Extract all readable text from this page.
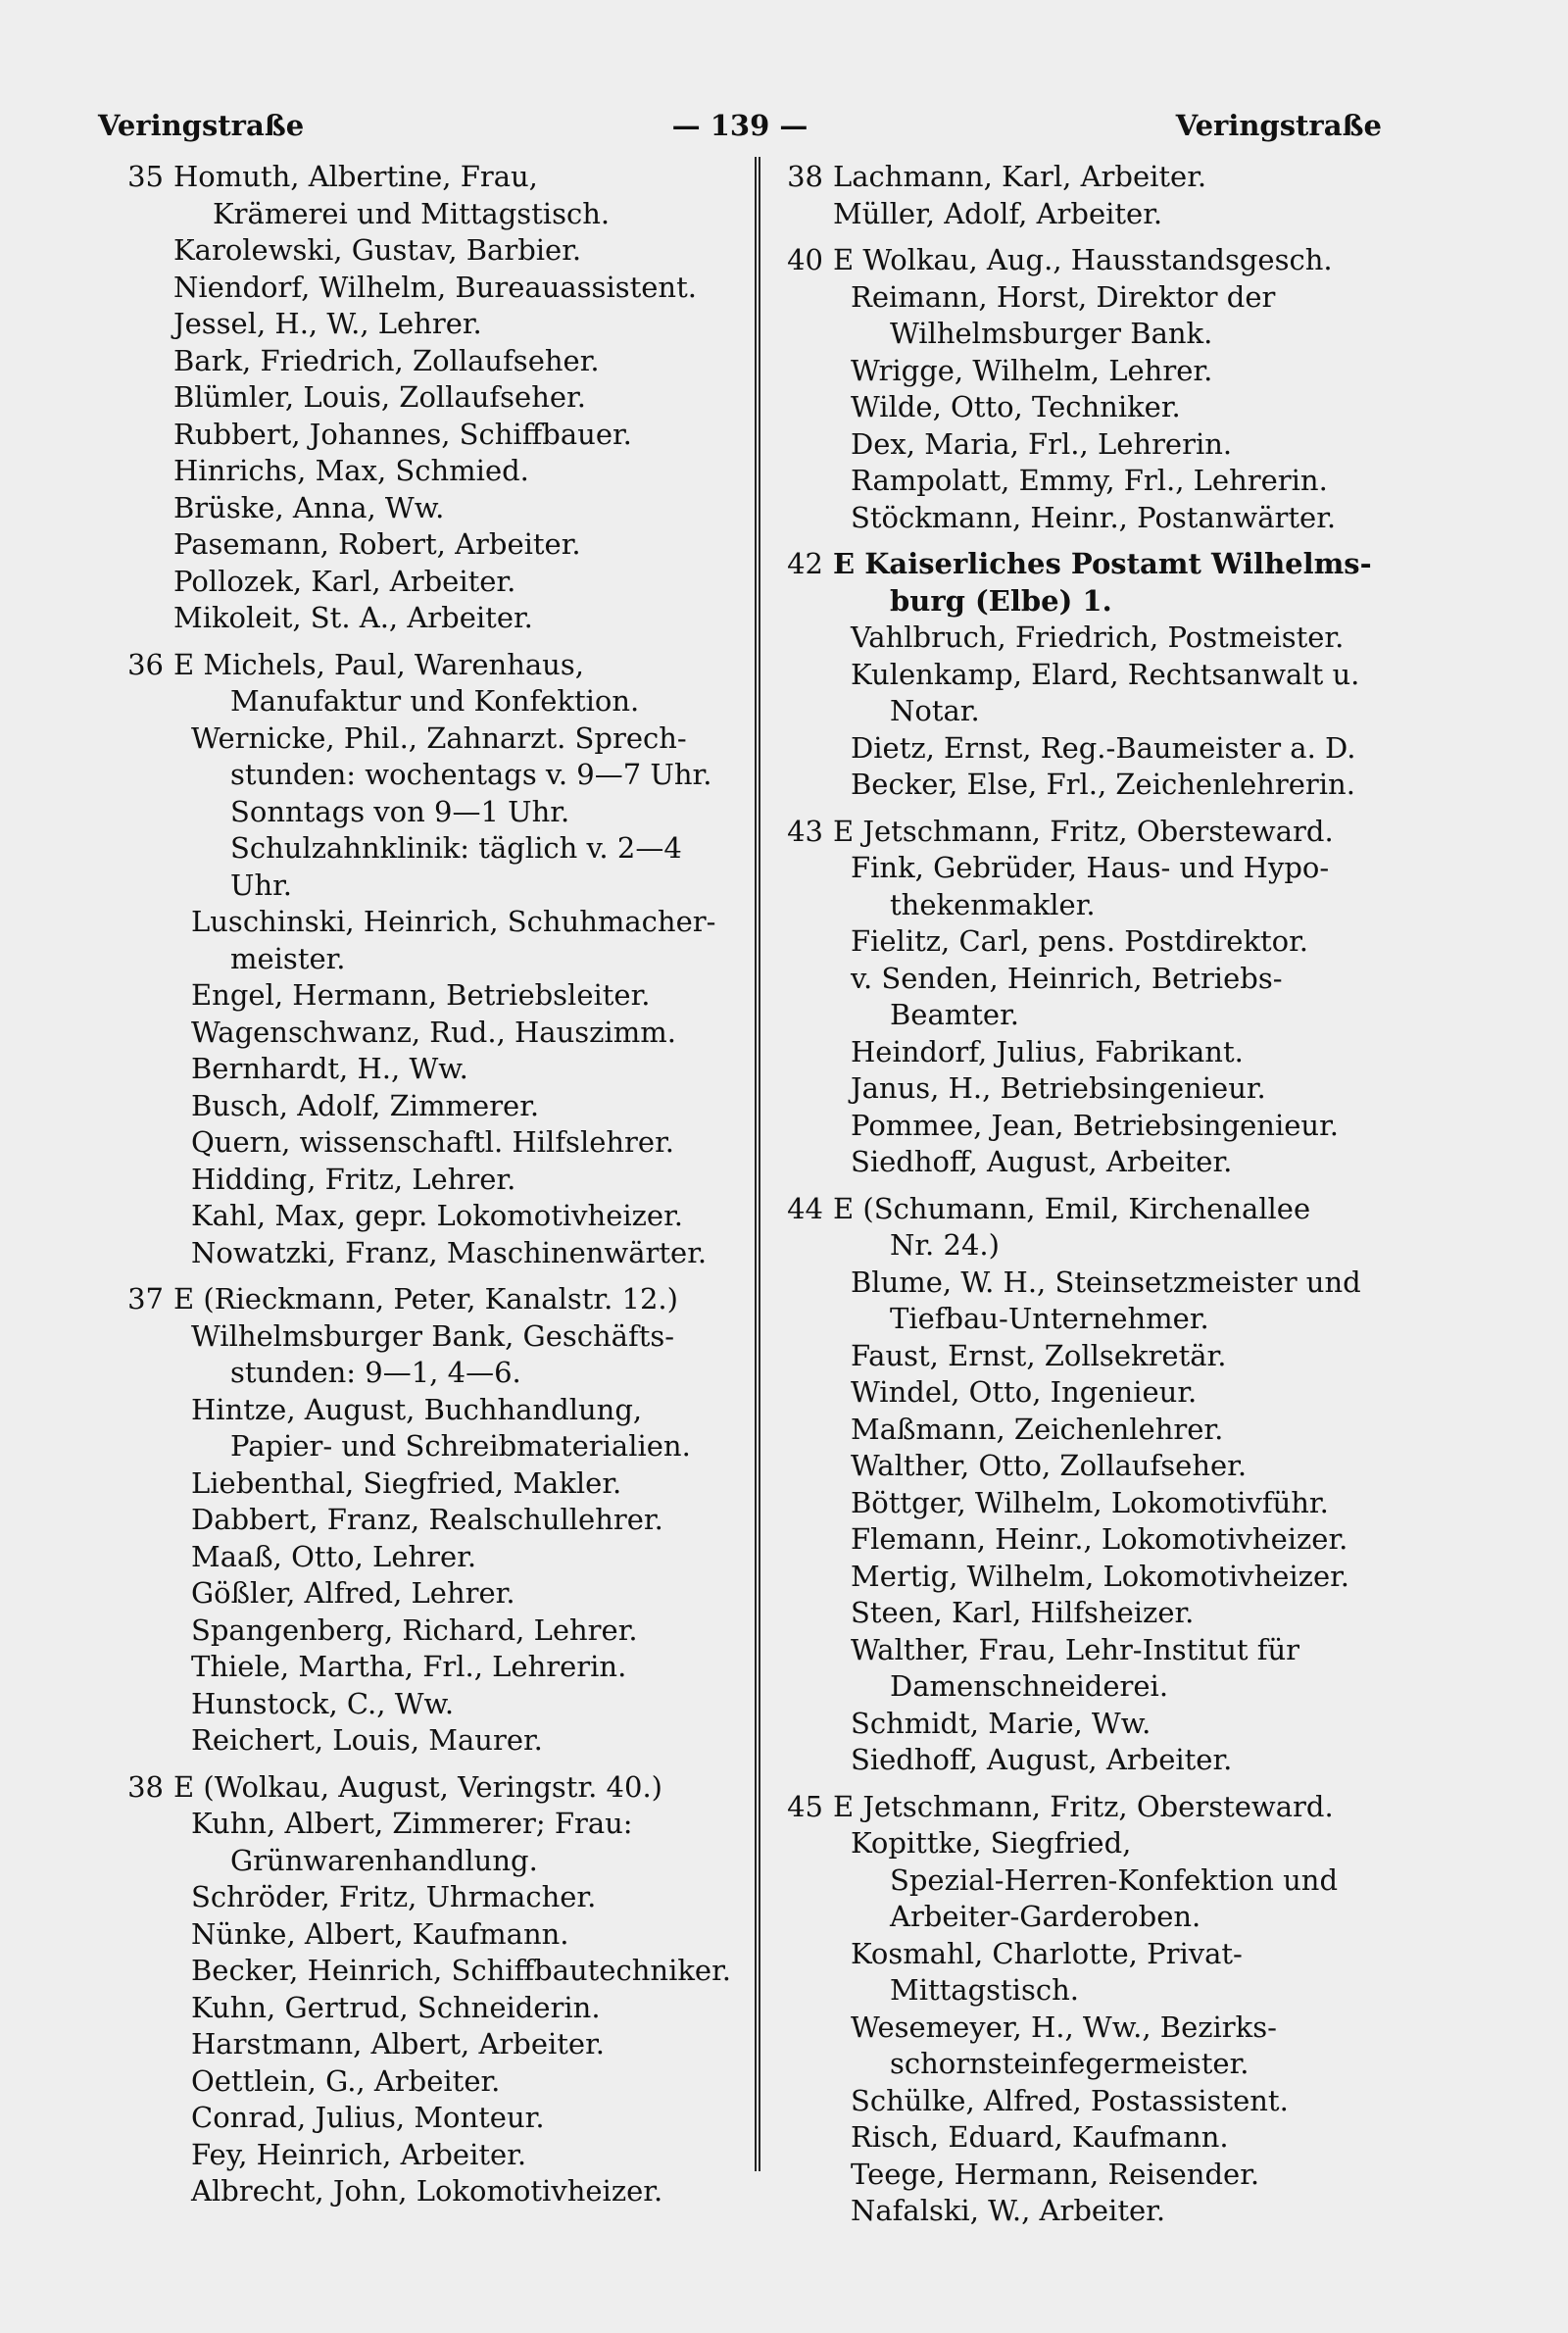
Veringstraße	— 139 —	Veringstraße
35 Homuth, Albertine, Frau,
Krämerei und Mittagstisch.
Karolewski, Gustav, Barbier.
Niendorf, Wilhelm, Bureauassistent.
Jessel, H., W., Lehrer.
Bark, Friedrich, Zollaufseher.
Blümler, Louis, Zollaufseher.
Rubbert, Johannes, Schiffbauer.
Hinrichs, Max, Schmied.
Brüske, Anna, Ww.
Pasemann, Robert, Arbeiter.
Pollozek, Karl, Arbeiter.
Mikoleit, St. A., Arbeiter.
36 E Michels, Paul, Warenhaus,
Manufaktur und Konfektion.
Wernicke, Phil., Zahnarzt. Sprech-
stunden: wochentags v. 9—7 Uhr.
Sonntags von 9—1 Uhr.
Schulzahnklinik: täglich v. 2—4
Uhr.
Luschinski, Heinrich, Schuhmacher-
meister.
Engel, Hermann, Betriebsleiter.
Wagenschwanz, Rud., Hauszimm.
Bernhardt, H., Ww.
Busch, Adolf, Zimmerer.
Quern, wissenschaftl. Hilfslehrer.
Hidding, Fritz, Lehrer.
Kahl, Max, gepr. Lokomotivheizer.
Nowatzki, Franz, Maschinenwärter.
37 E (Rieckmann, Peter, Kanalstr. 12.)
Wilhelmsburger Bank, Geschäfts-
stunden: 9—1, 4—6.
Hintze, August, Buchhandlung,
Papier- und Schreibmaterialien.
Liebenthal, Siegfried, Makler.
Dabbert, Franz, Realschullehrer.
Maaß, Otto, Lehrer.
Gößler, Alfred, Lehrer.
Spangenberg, Richard, Lehrer.
Thiele, Martha, Frl., Lehrerin.
Hunstock, C., Ww.
Reichert, Louis, Maurer.
38 E (Wolkau, August, Veringstr. 40.)
Kuhn, Albert, Zimmerer; Frau:
Grünwarenhandlung.
Schröder, Fritz, Uhrmacher.
Nünke, Albert, Kaufmann.
Becker, Heinrich, Schiffbautechniker.
Kuhn, Gertrud, Schneiderin.
Harstmann, Albert, Arbeiter.
Oettlein, G., Arbeiter.
Conrad, Julius, Monteur.
Fey, Heinrich, Arbeiter.
Albrecht, John, Lokomotivheizer.
38 Lachmann, Karl, Arbeiter.
Müller, Adolf, Arbeiter.
40 E Wolkau, Aug., Hausstandsgesch.
Reimann, Horst, Direktor der
Wilhelmsburger Bank.
Wrigge, Wilhelm, Lehrer.
Wilde, Otto, Techniker.
Dex, Maria, Frl., Lehrerin.
Rampolatt, Emmy, Frl., Lehrerin.
Stöckmann, Heinr., Postanwärter.
42 E Kaiserliches Postamt Wilhelms-
burg (Elbe) 1.
Vahlbruch, Friedrich, Postmeister.
Kulenkamp, Elard, Rechtsanwalt u.
Notar.
Dietz, Ernst, Reg.-Baumeister a. D.
Becker, Else, Frl., Zeichenlehrerin.
43 E Jetschmann, Fritz, Obersteward.
Fink, Gebrüder, Haus- und Hypo-
thekenmakler.
Fielitz, Carl, pens. Postdirektor.
v. Senden, Heinrich, Betriebs-
Beamter.
Heindorf, Julius, Fabrikant.
Janus, H., Betriebsingenieur.
Pommee, Jean, Betriebsingenieur.
Siedhoff, August, Arbeiter.
44 E (Schumann, Emil, Kirchenallee
Nr. 24.)
Blume, W. H., Steinsetzmeister und
Tiefbau-Unternehmer.
Faust, Ernst, Zollsekretär.
Windel, Otto, Ingenieur.
Maßmann, Zeichenlehrer.
Walther, Otto, Zollaufseher.
Böttger, Wilhelm, Lokomotivführ.
Flemann, Heinr., Lokomotivheizer.
Mertig, Wilhelm, Lokomotivheizer.
Steen, Karl, Hilfsheizer.
Walther, Frau, Lehr-Institut für
Damenschneiderei.
Schmidt, Marie, Ww.
Siedhoff, August, Arbeiter.
45 E Jetschmann, Fritz, Obersteward.
Kopittke, Siegfried,
Spezial-Herren-Konfektion und
Arbeiter-Garderoben.
Kosmahl, Charlotte, Privat-
Mittagstisch.
Wesemeyer, H., Ww., Bezirks-
schornsteinfegermeister.
Schülke, Alfred, Postassistent.
Risch, Eduard, Kaufmann.
Teege, Hermann, Reisender.
Nafalski, W., Arbeiter.
